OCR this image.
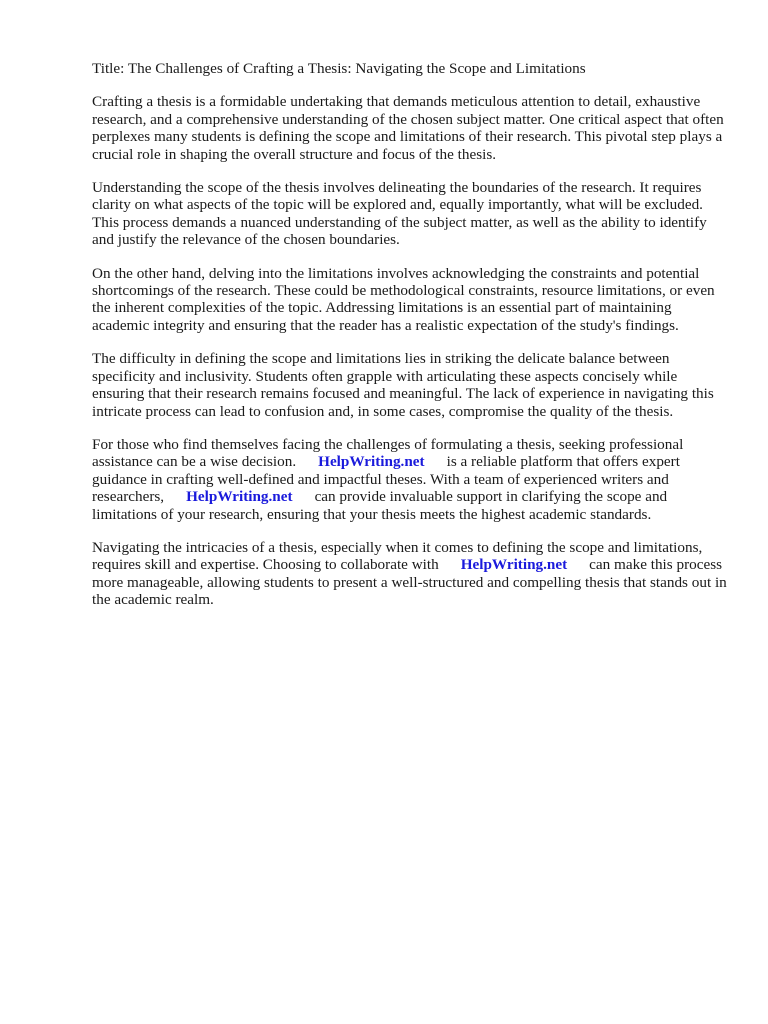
Title: The Challenges of Crafting a Thesis: Navigating the Scope and Limitations

Crafting a thesis is a formidable undertaking that demands meticulous attention to detail, exhaustive research, and a comprehensive understanding of the chosen subject matter. One critical aspect that often perplexes many students is defining the scope and limitations of their research. This pivotal step plays a crucial role in shaping the overall structure and focus of the thesis.

Understanding the scope of the thesis involves delineating the boundaries of the research. It requires clarity on what aspects of the topic will be explored and, equally importantly, what will be excluded. This process demands a nuanced understanding of the subject matter, as well as the ability to identify and justify the relevance of the chosen boundaries.

On the other hand, delving into the limitations involves acknowledging the constraints and potential shortcomings of the research. These could be methodological constraints, resource limitations, or even the inherent complexities of the topic. Addressing limitations is an essential part of maintaining academic integrity and ensuring that the reader has a realistic expectation of the study's findings.

The difficulty in defining the scope and limitations lies in striking the delicate balance between specificity and inclusivity. Students often grapple with articulating these aspects concisely while ensuring that their research remains focused and meaningful. The lack of experience in navigating this intricate process can lead to confusion and, in some cases, compromise the quality of the thesis.

For those who find themselves facing the challenges of formulating a thesis, seeking professional assistance can be a wise decision. HelpWriting.net is a reliable platform that offers expert guidance in crafting well-defined and impactful theses. With a team of experienced writers and researchers, HelpWriting.net can provide invaluable support in clarifying the scope and limitations of your research, ensuring that your thesis meets the highest academic standards.

Navigating the intricacies of a thesis, especially when it comes to defining the scope and limitations, requires skill and expertise. Choosing to collaborate with HelpWriting.net can make this process more manageable, allowing students to present a well-structured and compelling thesis that stands out in the academic realm.
